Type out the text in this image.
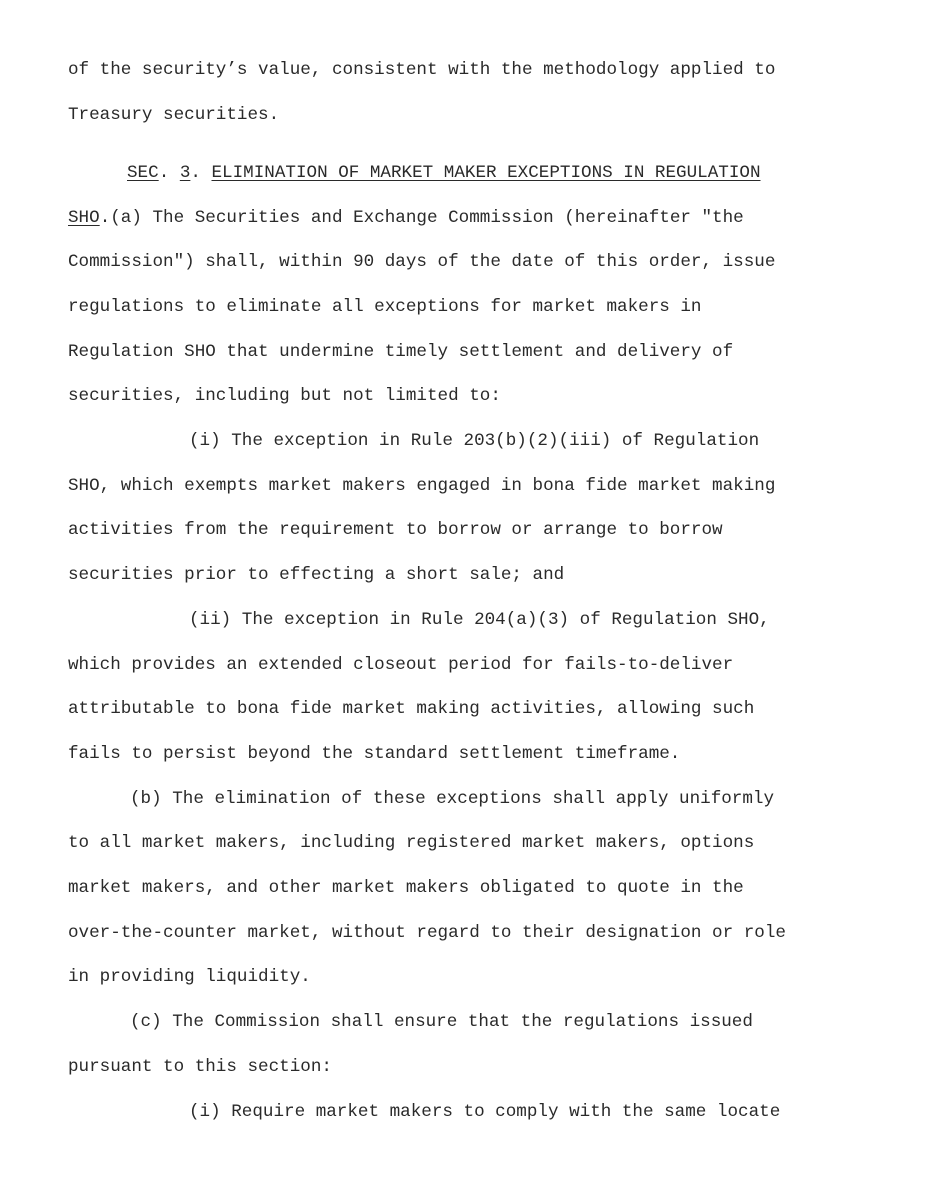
of the security’s value, consistent with the methodology applied to
Treasury securities.
SEC. 3. ELIMINATION OF MARKET MAKER EXCEPTIONS IN REGULATION
SHO.(a) The Securities and Exchange Commission (hereinafter "the
Commission") shall, within 90 days of the date of this order, issue
regulations to eliminate all exceptions for market makers in
Regulation SHO that undermine timely settlement and delivery of
securities, including but not limited to:
(i) The exception in Rule 203(b)(2)(iii) of Regulation
SHO, which exempts market makers engaged in bona fide market making
activities from the requirement to borrow or arrange to borrow
securities prior to effecting a short sale; and
(ii) The exception in Rule 204(a)(3) of Regulation SHO,
which provides an extended closeout period for fails-to-deliver
attributable to bona fide market making activities, allowing such
fails to persist beyond the standard settlement timeframe.
(b) The elimination of these exceptions shall apply uniformly
to all market makers, including registered market makers, options
market makers, and other market makers obligated to quote in the
over-the-counter market, without regard to their designation or role
in providing liquidity.
(c) The Commission shall ensure that the regulations issued
pursuant to this section:
(i) Require market makers to comply with the same locate
